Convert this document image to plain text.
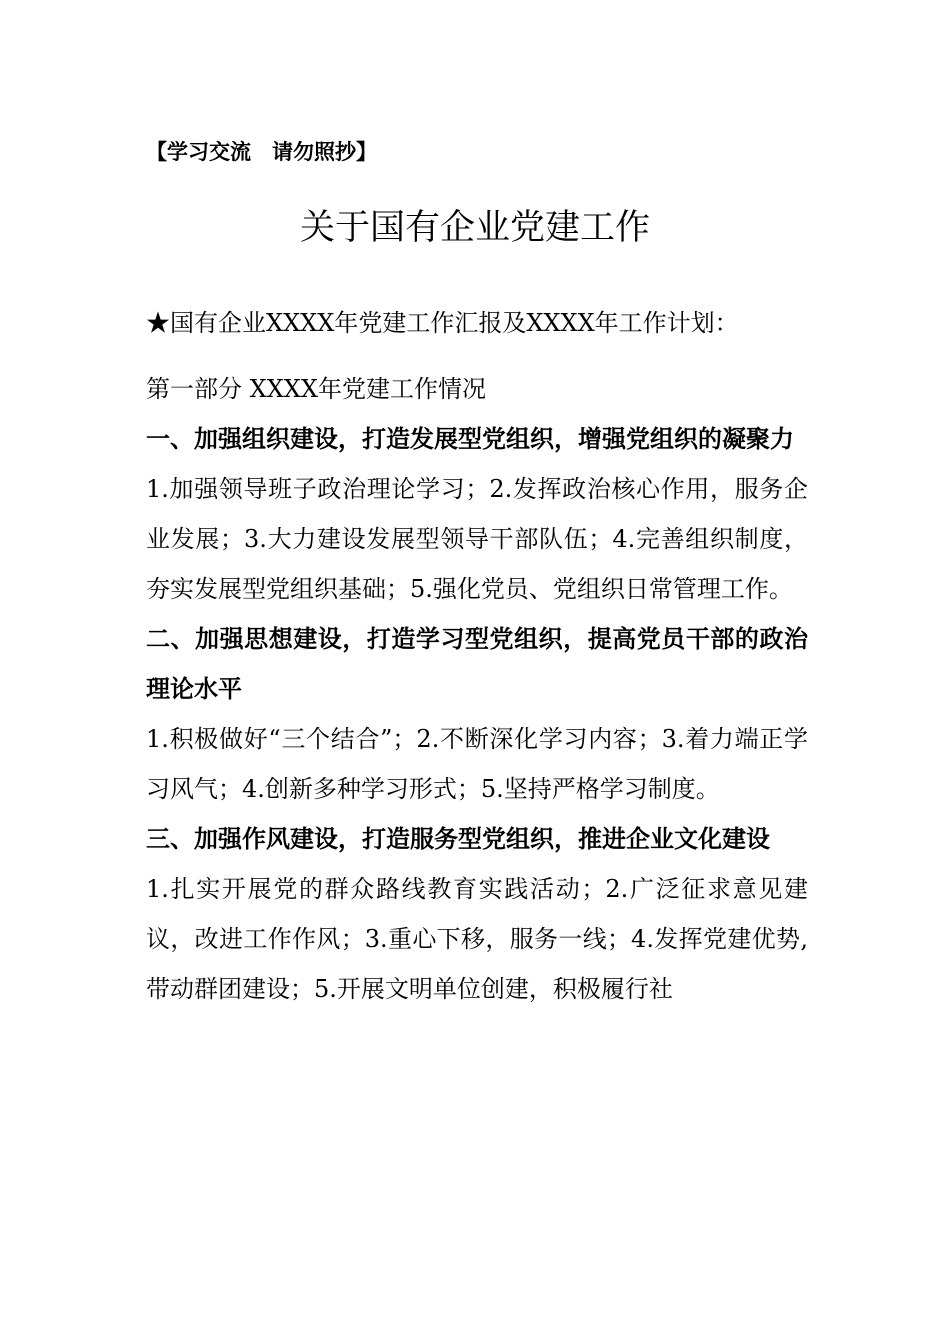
【学习交流　请勿照抄】
关于国有企业党建工作

★国有企业XXXX年党建工作汇报及XXXX年工作计划：

第一部分 XXXX年党建工作情况

一、加强组织建设，打造发展型党组织，增强党组织的凝聚力

1.加强领导班子政治理论学习；2.发挥政治核心作用，服务企业发展；3.大力建设发展型领导干部队伍；4.完善组织制度，夯实发展型党组织基础；5.强化党员、党组织日常管理工作。

二、加强思想建设，打造学习型党组织，提高党员干部的政治理论水平

1.积极做好“三个结合”；2.不断深化学习内容；3.着力端正学习风气；4.创新多种学习形式；5.坚持严格学习制度。

三、加强作风建设，打造服务型党组织，推进企业文化建设

1.扎实开展党的群众路线教育实践活动；2.广泛征求意见建议，改进工作作风；3.重心下移，服务一线；4.发挥党建优势,带动群团建设；5.开展文明单位创建，积极履行社
